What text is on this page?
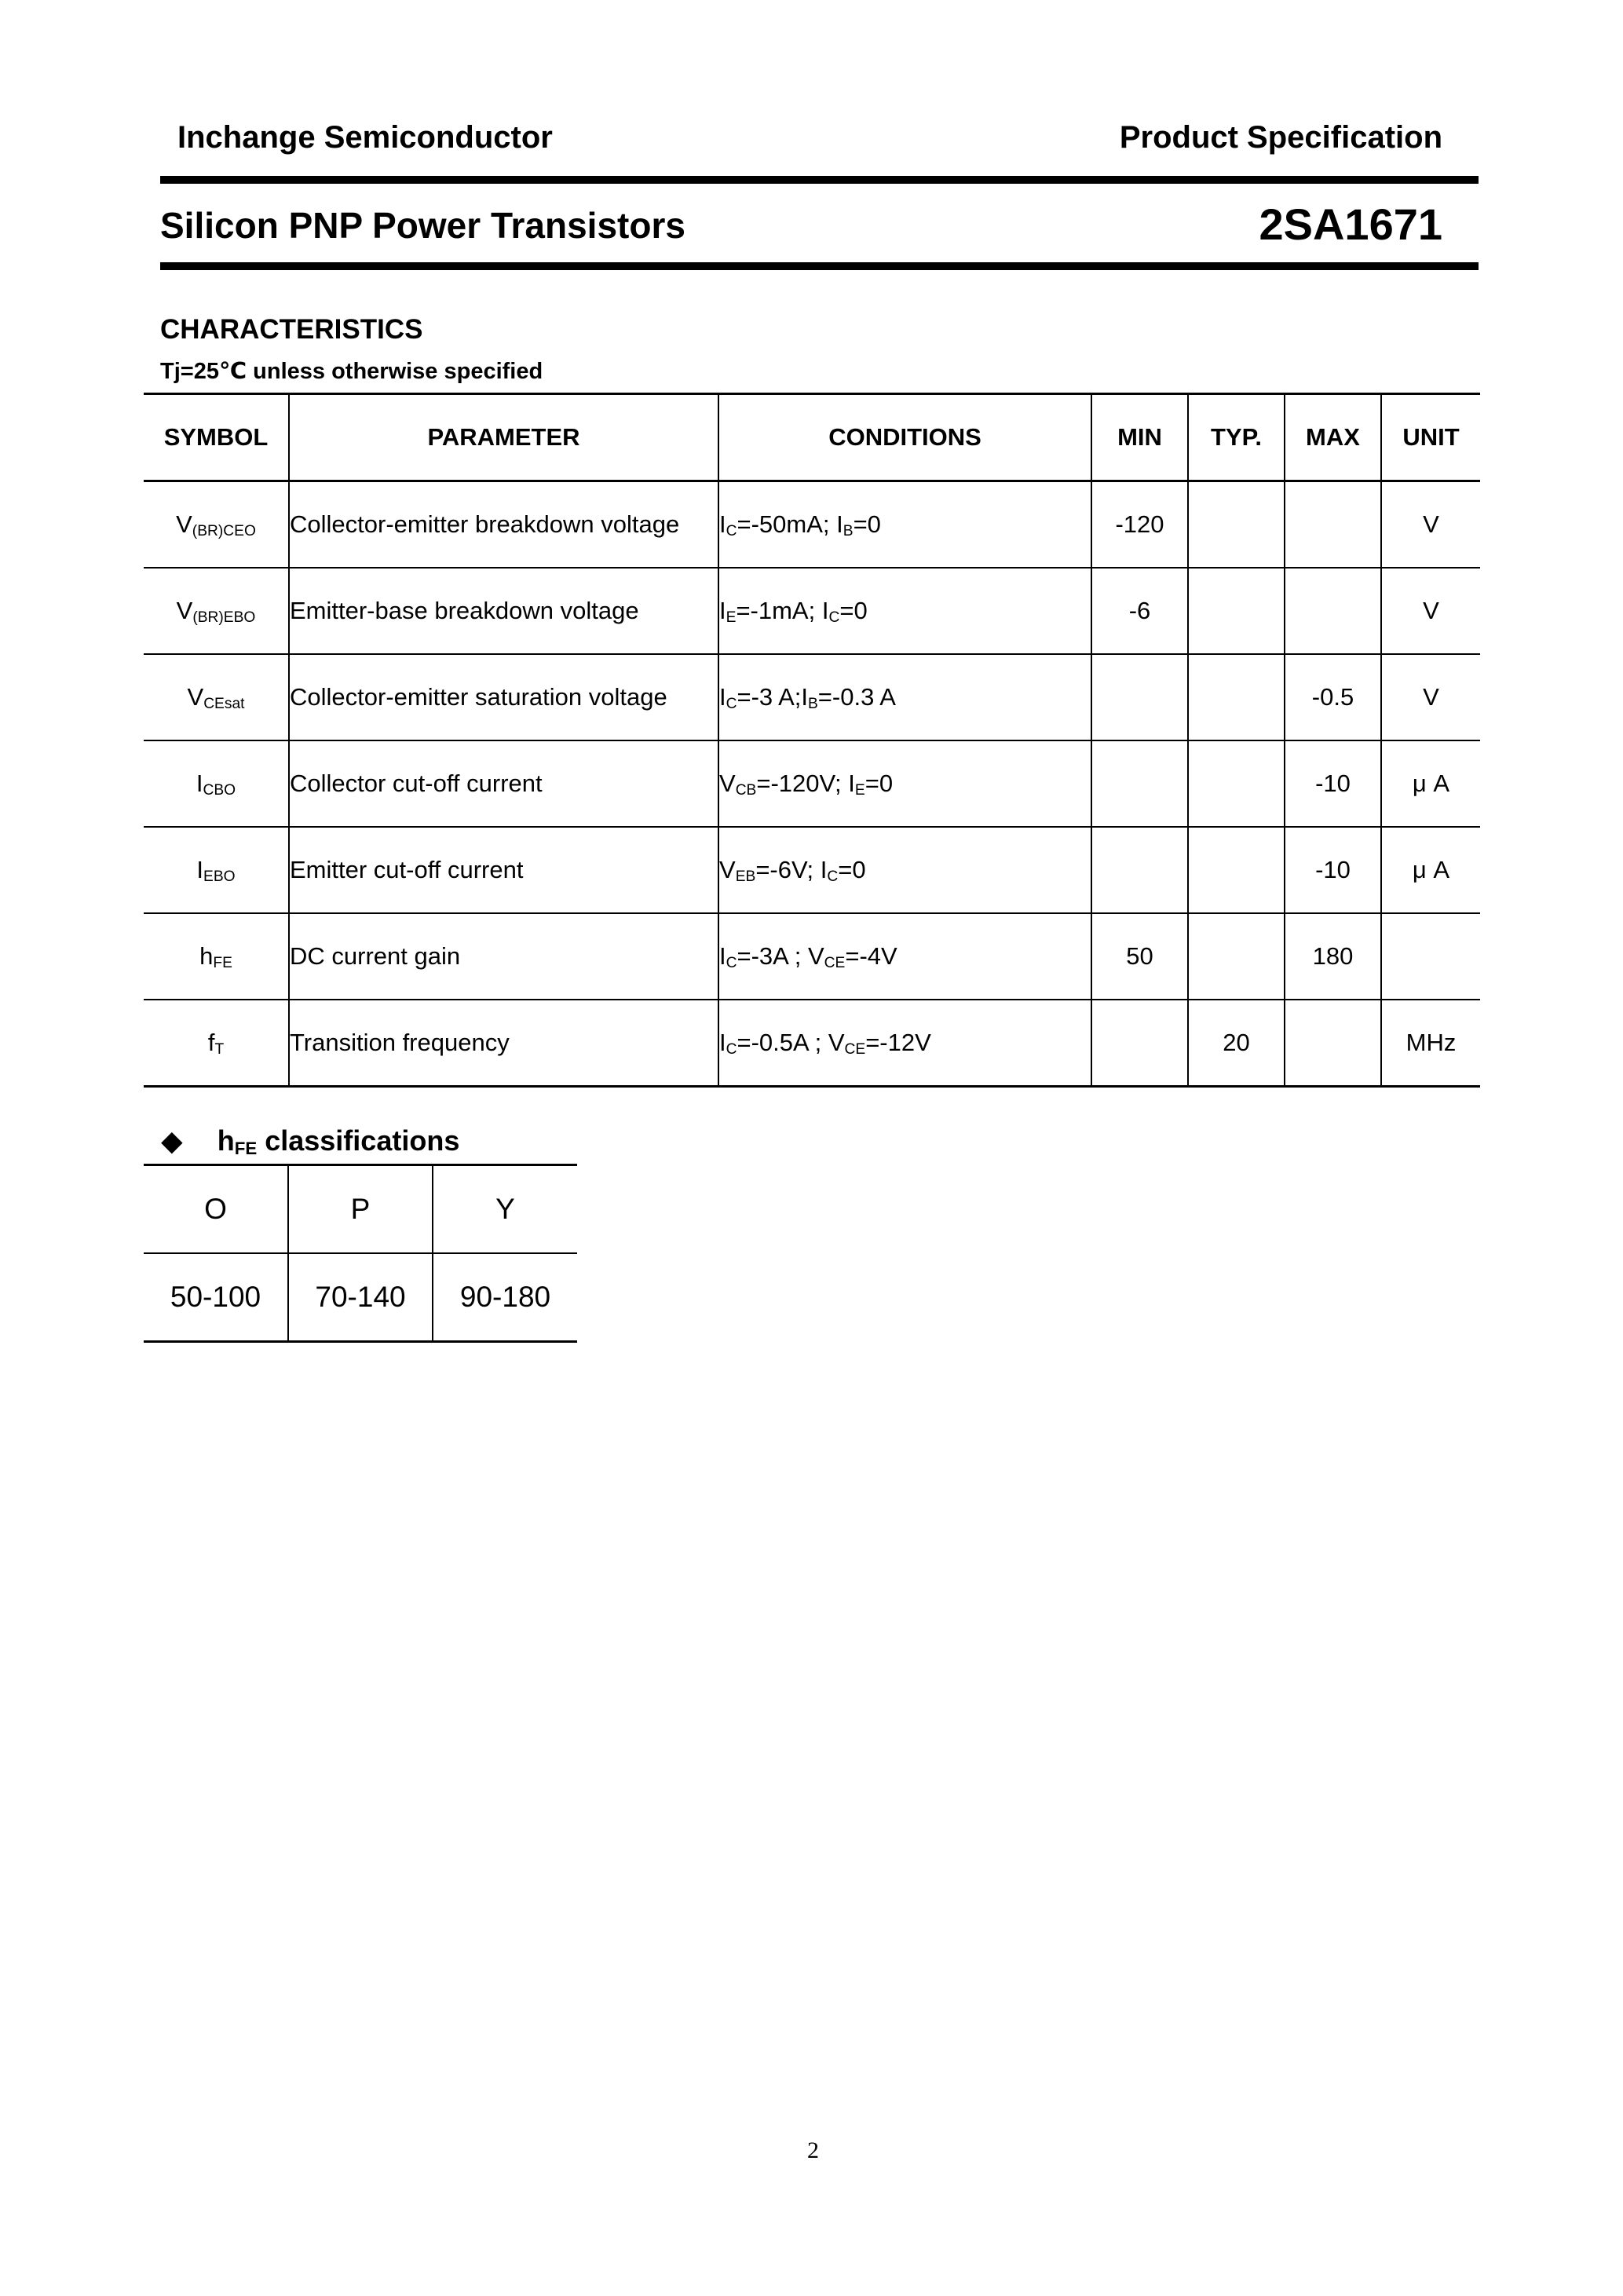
Inchange Semiconductor	Product Specification
Silicon PNP Power Transistors	2SA1671
CHARACTERISTICS
Tj=25℃ unless otherwise specified
SYMBOL	PARAMETER	CONDITIONS	MIN	TYP.	MAX	UNIT
$V_{(BR)CEO}$	Collector-emitter breakdown voltage	$I_C=-50mA$; $I_B=0$	-120			V
$V_{(BR)EBO}$	Emitter-base breakdown voltage	$I_E=-1mA$; $I_C=0$	-6			V
$V_{CEsat}$	Collector-emitter saturation voltage	$I_C=-3$ $A;I_B=-0.3$ A			-0.5	V
$I_{CBO}$	Collector cut-off current	$V_{CB}=-120V$; $I_E=0$			-10	μ A
$I_{EBO}$	Emitter cut-off current	$V_{EB}=-6V$; $I_C=0$			-10	μ A
$h_{FE}$	DC current gain	$I_C=-3A$ ; $V_{CE}=-4V$	50		180	
$f_T$	Transition frequency	$I_C=-0.5A$ ; $V_{CE}=-12V$		20		MHz
◆ $h_{FE}$ classifications
O	P	Y
50-100	70-140	90-180
2
